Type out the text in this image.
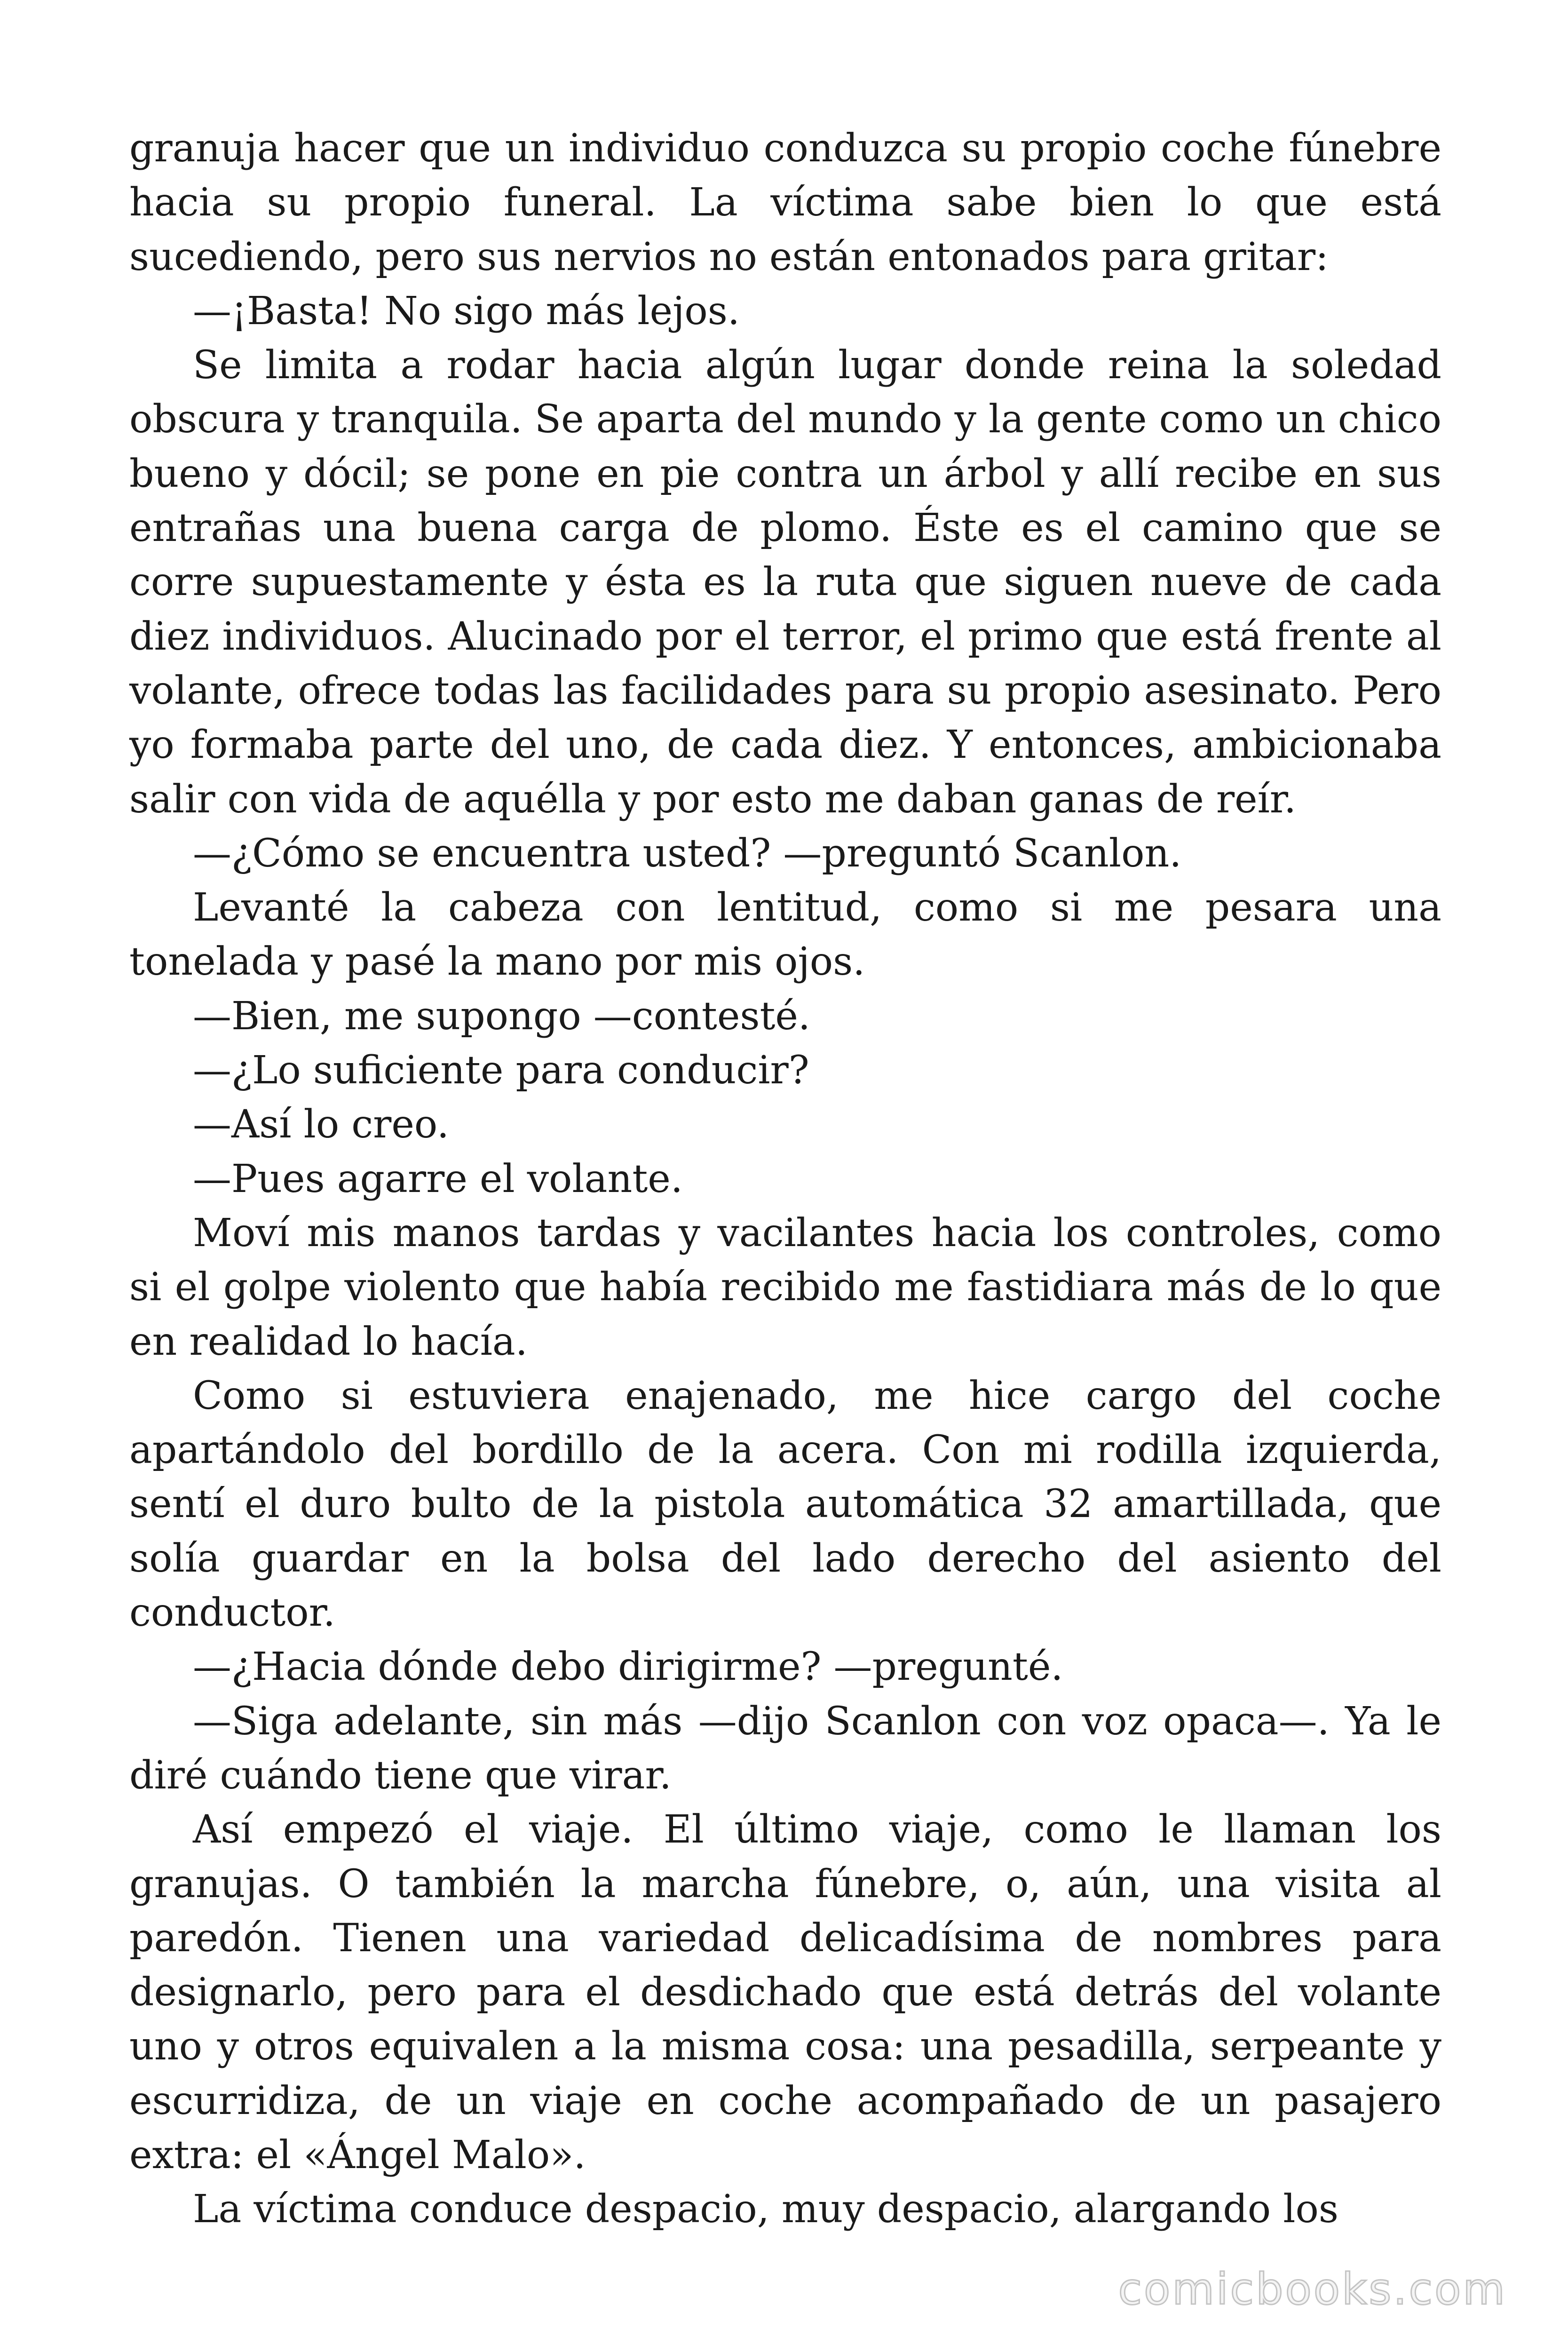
granuja hacer que un individuo conduzca su propio coche fúnebre hacia su propio funeral. La víctima sabe bien lo que está sucediendo, pero sus nervios no están entonados para gritar:

—¡Basta! No sigo más lejos.

Se limita a rodar hacia algún lugar donde reina la soledad obscura y tranquila. Se aparta del mundo y la gente como un chico bueno y dócil; se pone en pie contra un árbol y allí recibe en sus entrañas una buena carga de plomo. Éste es el camino que se corre supuestamente y ésta es la ruta que siguen nueve de cada diez individuos. Alucinado por el terror, el primo que está frente al volante, ofrece todas las facilidades para su propio asesinato. Pero yo formaba parte del uno, de cada diez. Y entonces, ambicionaba salir con vida de aquélla y por esto me daban ganas de reír.

—¿Cómo se encuentra usted? —preguntó Scanlon.

Levanté la cabeza con lentitud, como si me pesara una tonelada y pasé la mano por mis ojos.

—Bien, me supongo —contesté.

—¿Lo suficiente para conducir?

—Así lo creo.

—Pues agarre el volante.

Moví mis manos tardas y vacilantes hacia los controles, como si el golpe violento que había recibido me fastidiara más de lo que en realidad lo hacía.

Como si estuviera enajenado, me hice cargo del coche apartándolo del bordillo de la acera. Con mi rodilla izquierda, sentí el duro bulto de la pistola automática 32 amartillada, que solía guardar en la bolsa del lado derecho del asiento del conductor.

—¿Hacia dónde debo dirigirme? —pregunté.

—Siga adelante, sin más —dijo Scanlon con voz opaca—. Ya le diré cuándo tiene que virar.

Así empezó el viaje. El último viaje, como le llaman los granujas. O también la marcha fúnebre, o, aún, una visita al paredón. Tienen una variedad delicadísima de nombres para designarlo, pero para el desdichado que está detrás del volante uno y otros equivalen a la misma cosa: una pesadilla, serpeante y escurridiza, de un viaje en coche acompañado de un pasajero extra: el «Ángel Malo».

La víctima conduce despacio, muy despacio, alargando los

comicbooks.com
